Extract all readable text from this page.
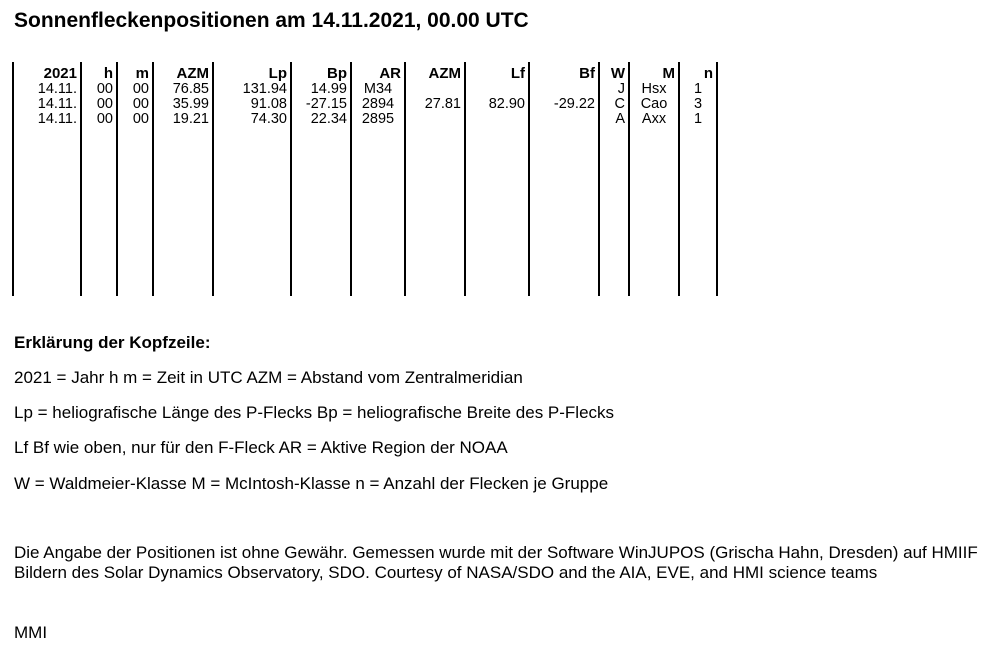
Sonnenfleckenpositionen am 14.11.2021, 00.00 UTC
2021	h	m	AZM	Lp	Bp	AR	AZM	Lf	Bf	W	M	n
14.11.	00	00	76.85	131.94	14.99	M34				J	Hsx	1
14.11.	00	00	35.99	91.08	-27.15	2894	27.81	82.90	-29.22	C	Cao	3
14.11.	00	00	19.21	74.30	22.34	2895				A	Axx	1

Erklärung der Kopfzeile:
2021 = Jahr h m = Zeit in UTC AZM = Abstand vom Zentralmeridian
Lp = heliografische Länge des P-Flecks Bp = heliografische Breite des P-Flecks
Lf Bf wie oben, nur für den F-Fleck AR = Aktive Region der NOAA
W = Waldmeier-Klasse M = McIntosh-Klasse n = Anzahl der Flecken je Gruppe
Die Angabe der Positionen ist ohne Gewähr. Gemessen wurde mit der Software WinJUPOS (Grischa Hahn, Dresden) auf HMIIF Bildern des Solar Dynamics Observatory, SDO. Courtesy of NASA/SDO and the AIA, EVE, and HMI science teams
MMI
